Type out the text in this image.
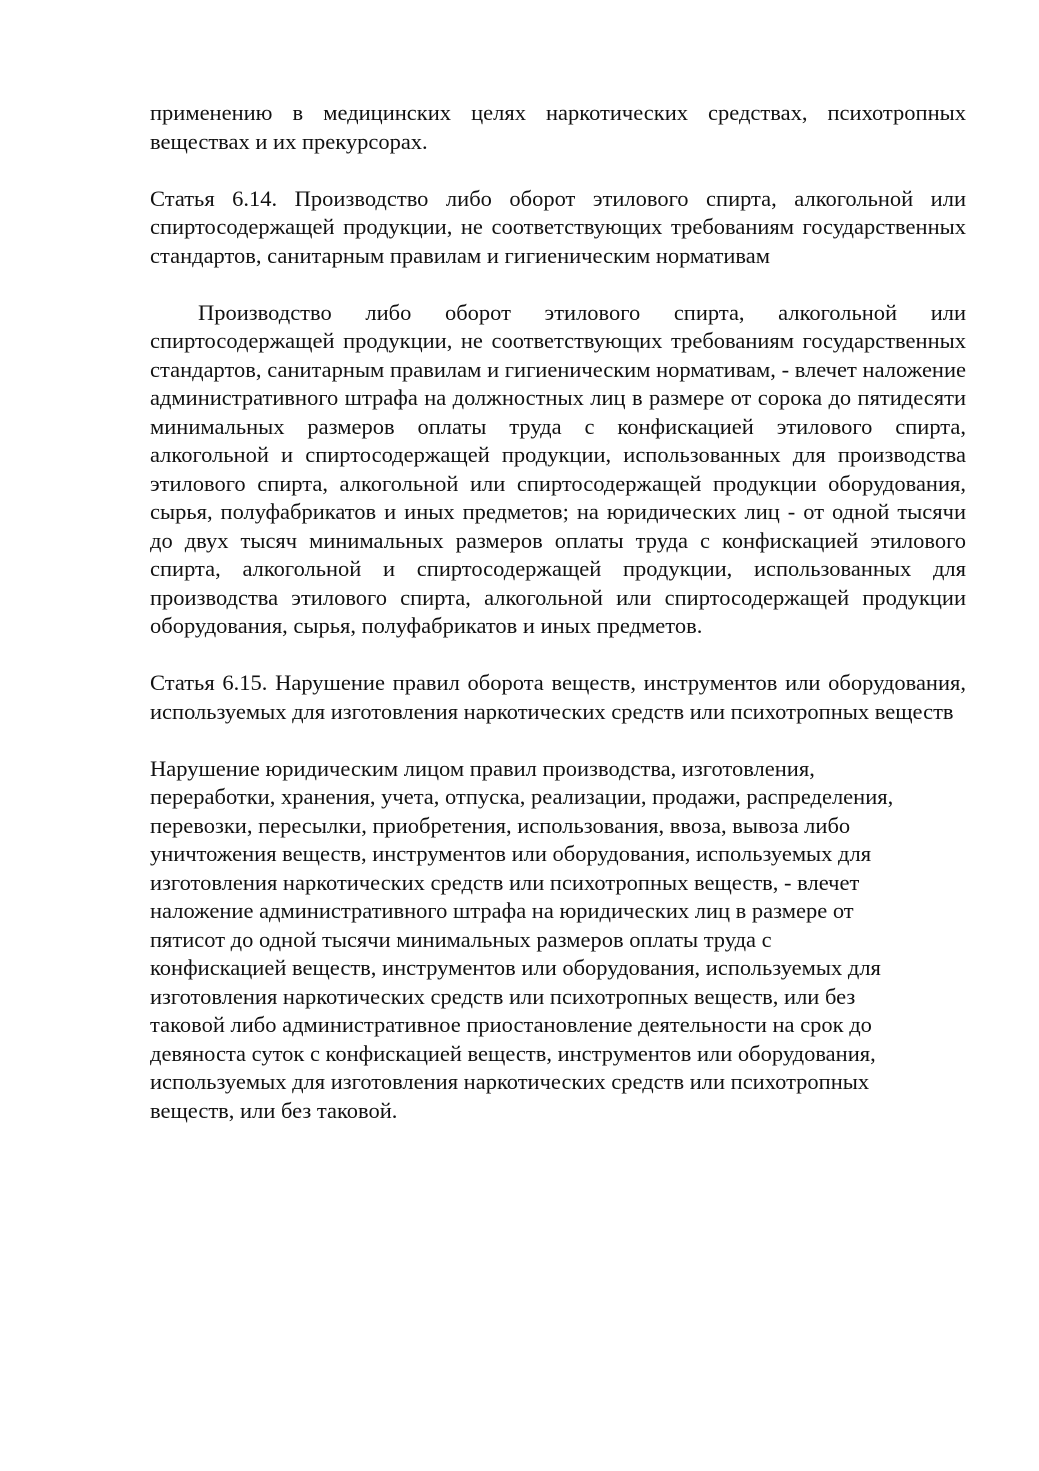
применению в медицинских целях наркотических средствах, психотропных веществах и их прекурсорах.

Статья 6.14. Производство либо оборот этилового спирта, алкогольной или спиртосодержащей продукции, не соответствующих требованиям государственных стандартов, санитарным правилам и гигиеническим нормативам

Производство либо оборот этилового спирта, алкогольной или спиртосодержащей продукции, не соответствующих требованиям государственных стандартов, санитарным правилам и гигиеническим нормативам, - влечет наложение административного штрафа на должностных лиц в размере от сорока до пятидесяти минимальных размеров оплаты труда с конфискацией этилового спирта, алкогольной и спиртосодержащей продукции, использованных для производства этилового спирта, алкогольной или спиртосодержащей продукции оборудования, сырья, полуфабрикатов и иных предметов; на юридических лиц - от одной тысячи до двух тысяч минимальных размеров оплаты труда с конфискацией этилового спирта, алкогольной и спиртосодержащей продукции, использованных для производства этилового спирта, алкогольной или спиртосодержащей продукции оборудования, сырья, полуфабрикатов и иных предметов.

Статья 6.15. Нарушение правил оборота веществ, инструментов или оборудования, используемых для изготовления наркотических средств или психотропных веществ

Нарушение юридическим лицом правил производства, изготовления,
переработки, хранения, учета, отпуска, реализации, продажи, распределения,
перевозки, пересылки, приобретения, использования, ввоза, вывоза либо
уничтожения веществ, инструментов или оборудования, используемых для
изготовления наркотических средств или психотропных веществ, - влечет
наложение административного штрафа на юридических лиц в размере от
пятисот до одной тысячи минимальных размеров оплаты труда с
конфискацией веществ, инструментов или оборудования, используемых для
изготовления наркотических средств или психотропных веществ, или без
таковой либо административное приостановление деятельности на срок до
девяноста суток с конфискацией веществ, инструментов или оборудования,
используемых для изготовления наркотических средств или психотропных
веществ, или без таковой.
